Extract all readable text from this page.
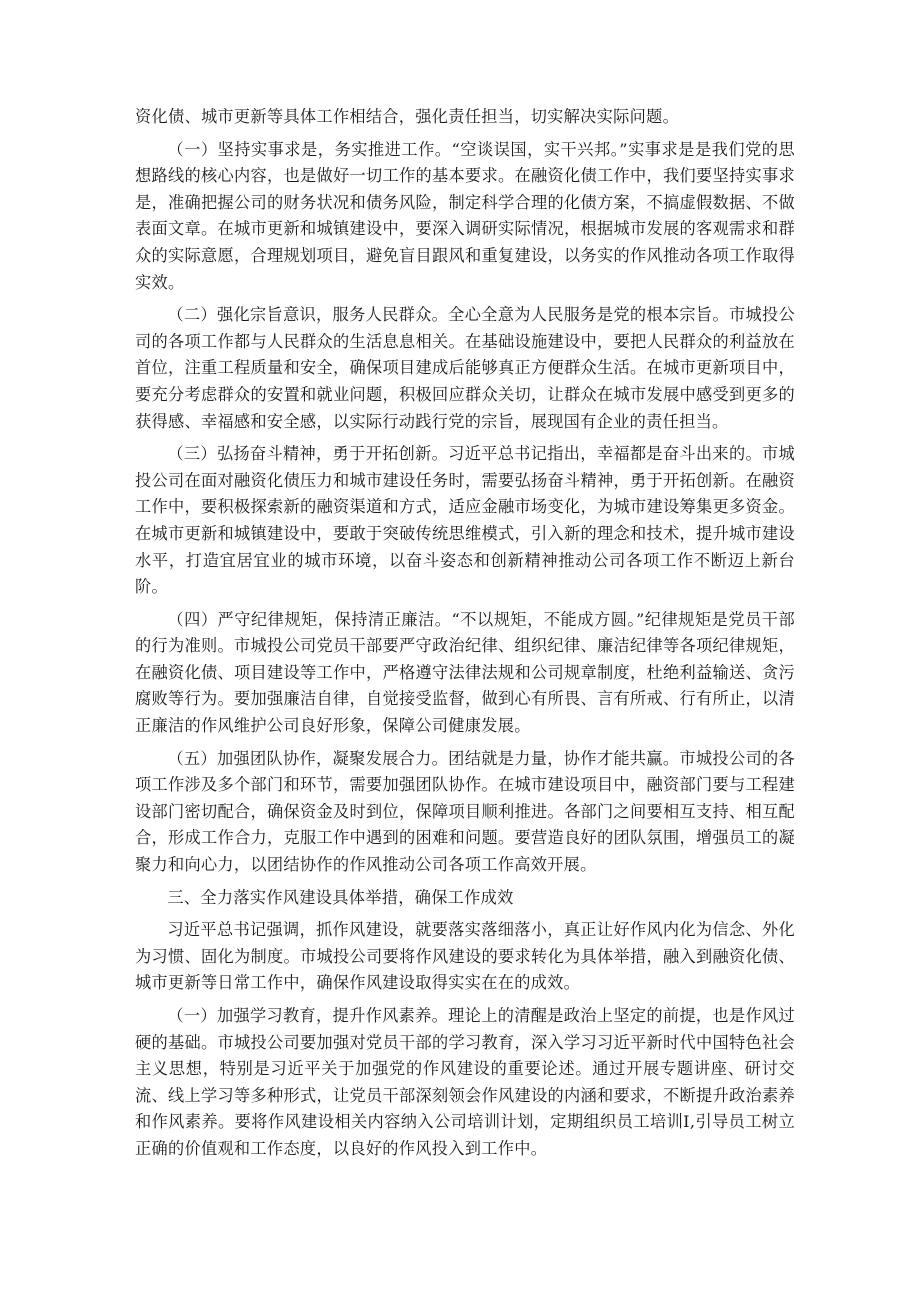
资化债、城市更新等具体工作相结合，强化责任担当，切实解决实际问题。

（一）坚持实事求是，务实推进工作。“空谈误国，实干兴邦。”实事求是是我们党的思想路线的核心内容，也是做好一切工作的基本要求。在融资化债工作中，我们要坚持实事求是，准确把握公司的财务状况和债务风险，制定科学合理的化债方案，不搞虚假数据、不做表面文章。在城市更新和城镇建设中，要深入调研实际情况，根据城市发展的客观需求和群众的实际意愿，合理规划项目，避免盲目跟风和重复建设，以务实的作风推动各项工作取得实效。

（二）强化宗旨意识，服务人民群众。全心全意为人民服务是党的根本宗旨。市城投公司的各项工作都与人民群众的生活息息相关。在基础设施建设中，要把人民群众的利益放在首位，注重工程质量和安全，确保项目建成后能够真正方便群众生活。在城市更新项目中，要充分考虑群众的安置和就业问题，积极回应群众关切，让群众在城市发展中感受到更多的获得感、幸福感和安全感，以实际行动践行党的宗旨，展现国有企业的责任担当。

（三）弘扬奋斗精神，勇于开拓创新。习近平总书记指出，幸福都是奋斗出来的。市城投公司在面对融资化债压力和城市建设任务时，需要弘扬奋斗精神，勇于开拓创新。在融资工作中，要积极探索新的融资渠道和方式，适应金融市场变化，为城市建设筹集更多资金。在城市更新和城镇建设中，要敢于突破传统思维模式，引入新的理念和技术，提升城市建设水平，打造宜居宜业的城市环境，以奋斗姿态和创新精神推动公司各项工作不断迈上新台阶。

（四）严守纪律规矩，保持清正廉洁。“不以规矩，不能成方圆。”纪律规矩是党员干部的行为准则。市城投公司党员干部要严守政治纪律、组织纪律、廉洁纪律等各项纪律规矩，在融资化债、项目建设等工作中，严格遵守法律法规和公司规章制度，杜绝利益输送、贪污腐败等行为。要加强廉洁自律，自觉接受监督，做到心有所畏、言有所戒、行有所止，以清正廉洁的作风维护公司良好形象，保障公司健康发展。

（五）加强团队协作，凝聚发展合力。团结就是力量，协作才能共赢。市城投公司的各项工作涉及多个部门和环节，需要加强团队协作。在城市建设项目中，融资部门要与工程建设部门密切配合，确保资金及时到位，保障项目顺利推进。各部门之间要相互支持、相互配合，形成工作合力，克服工作中遇到的困难和问题。要营造良好的团队氛围，增强员工的凝聚力和向心力，以团结协作的作风推动公司各项工作高效开展。

三、全力落实作风建设具体举措，确保工作成效

习近平总书记强调，抓作风建设，就要落实落细落小，真正让好作风内化为信念、外化为习惯、固化为制度。市城投公司要将作风建设的要求转化为具体举措，融入到融资化债、城市更新等日常工作中，确保作风建设取得实实在在的成效。

（一）加强学习教育，提升作风素养。理论上的清醒是政治上坚定的前提，也是作风过硬的基础。市城投公司要加强对党员干部的学习教育，深入学习习近平新时代中国特色社会主义思想，特别是习近平关于加强党的作风建设的重要论述。通过开展专题讲座、研讨交流、线上学习等多种形式，让党员干部深刻领会作风建设的内涵和要求，不断提升政治素养和作风素养。要将作风建设相关内容纳入公司培训计划，定期组织员工培训I,引导员工树立正确的价值观和工作态度，以良好的作风投入到工作中。
